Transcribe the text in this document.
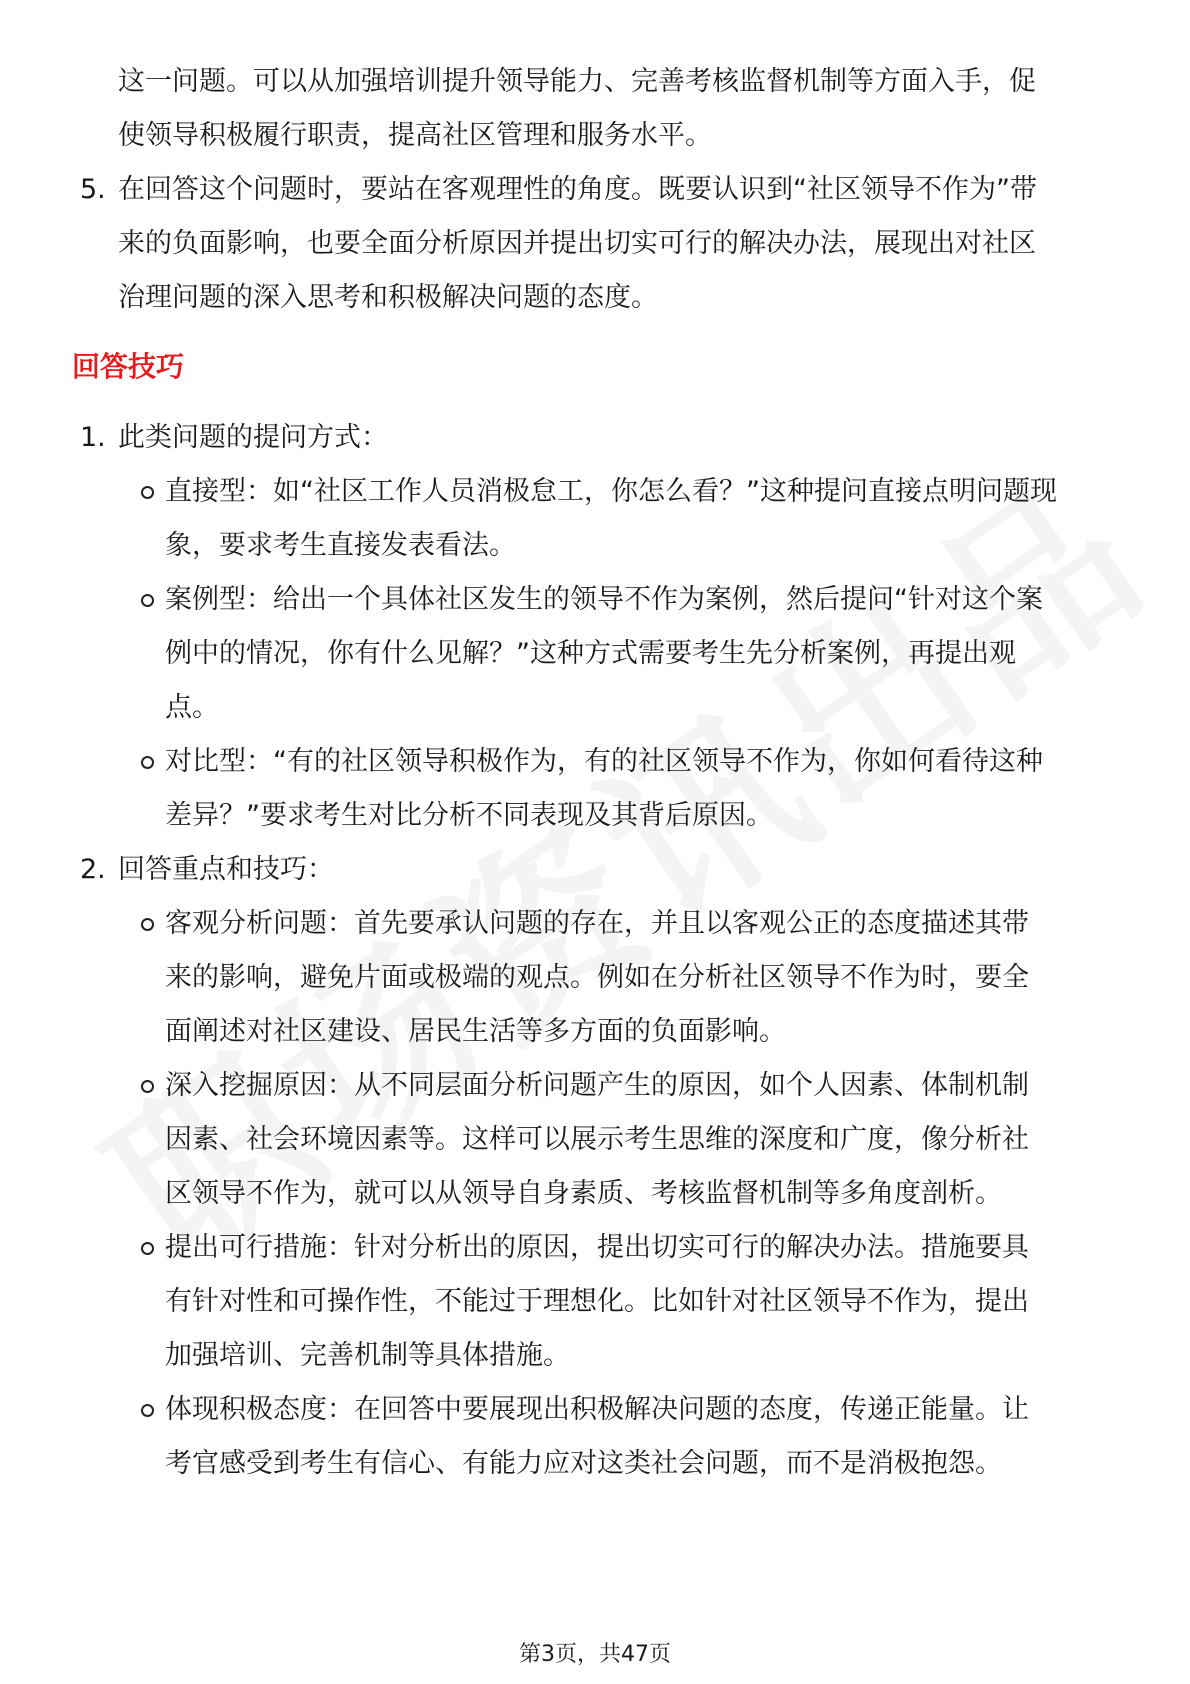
这一问题。可以从加强培训提升领导能力、完善考核监督机制等方面入手，促
使领导积极履行职责，提高社区管理和服务水平。
5. 在回答这个问题时，要站在客观理性的角度。既要认识到“社区领导不作为”带
来的负面影响，也要全面分析原因并提出切实可行的解决办法，展现出对社区
治理问题的深入思考和积极解决问题的态度。
回答技巧
1. 此类问题的提问方式：
直接型：如“社区工作人员消极怠工，你怎么看？”这种提问直接点明问题现
象，要求考生直接发表看法。
案例型：给出一个具体社区发生的领导不作为案例，然后提问“针对这个案
例中的情况，你有什么见解？”这种方式需要考生先分析案例，再提出观
点。
对比型：“有的社区领导积极作为，有的社区领导不作为，你如何看待这种
差异？”要求考生对比分析不同表现及其背后原因。
2. 回答重点和技巧：
客观分析问题：首先要承认问题的存在，并且以客观公正的态度描述其带
来的影响，避免片面或极端的观点。例如在分析社区领导不作为时，要全
面阐述对社区建设、居民生活等多方面的负面影响。
深入挖掘原因：从不同层面分析问题产生的原因，如个人因素、体制机制
因素、社会环境因素等。这样可以展示考生思维的深度和广度，像分析社
区领导不作为，就可以从领导自身素质、考核监督机制等多角度剖析。
提出可行措施：针对分析出的原因，提出切实可行的解决办法。措施要具
有针对性和可操作性，不能过于理想化。比如针对社区领导不作为，提出
加强培训、完善机制等具体措施。
体现积极态度：在回答中要展现出积极解决问题的态度，传递正能量。让
考官感受到考生有信心、有能力应对这类社会问题，而不是消极抱怨。
第3页，共47页
